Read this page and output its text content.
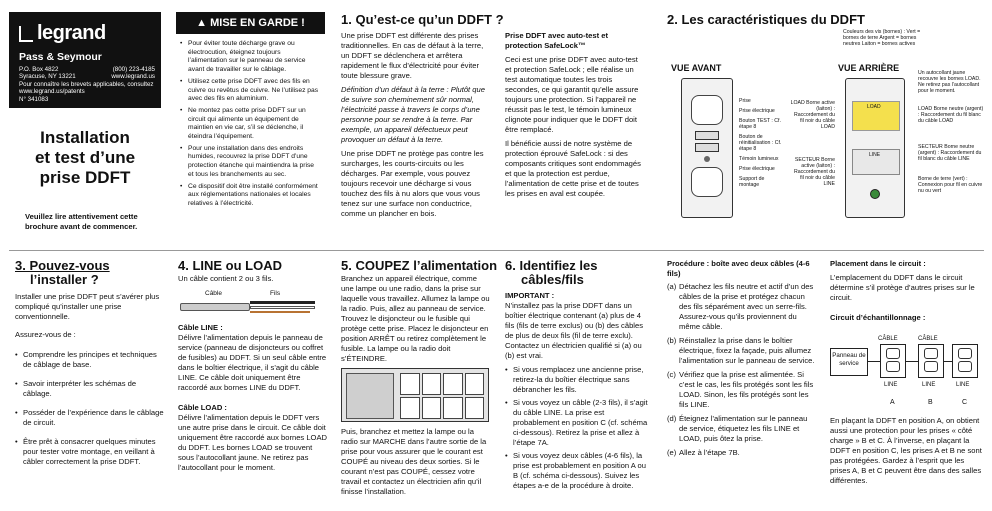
legrand
Pass & Seymour
P.O. Box 4822	(800) 223-4185
Syracuse, NY 13221	www.legrand.us
Pour connaître les brevets applicables, consultez
www.legrand.us/patents
N° 341083
Installation
et test d’une
prise DDFT
Veuillez lire attentivement cette brochure avant de commencer.
▲ MISE EN GARDE !
• Pour éviter toute décharge grave ou électrocution, éteignez toujours l’alimentation sur le panneau de service avant de travailler sur le câblage.
• Utilisez cette prise DDFT avec des fils en cuivre ou revêtus de cuivre. Ne l’utilisez pas avec des fils en aluminium.
• Ne montez pas cette prise DDFT sur un circuit qui alimente un équipement de maintien en vie car, s’il se déclenche, il éteindra l’équipement.
• Pour une installation dans des endroits humides, recouvrez la prise DDFT d’une protection étanche qui maintiendra la prise et tous les branchements au sec.
• Ce dispositif doit être installé conformément aux réglementations nationales et locales relatives à l’électricité.
1. Qu’est-ce qu’un DDFT ?
Une prise DDFT est différente des prises traditionnelles. En cas de défaut à la terre, un DDFT se déclenchera et arrêtera rapidement le flux d’électricité pour éviter toute blessure grave.
Définition d’un défaut à la terre : Plutôt que de suivre son cheminement sûr normal, l’électricité passe à travers le corps d’une personne pour se rendre à la terre. Par exemple, un appareil défectueux peut provoquer un défaut à la terre.
Une prise DDFT ne protège pas contre les surcharges, les courts-circuits ou les décharges. Par exemple, vous pouvez toujours recevoir une décharge si vous touchez des fils à nu alors que vous vous tenez sur une surface non conductrice, comme un plancher en bois.
Prise DDFT avec auto-test et protection SafeLock™
Ceci est une prise DDFT avec auto-test et protection SafeLock ; elle réalise un test automatique toutes les trois secondes, ce qui garantit qu’elle assure toujours une protection. Si l’appareil ne réussit pas le test, le témoin lumineux clignote pour indiquer que le DDFT doit être remplacé.
Il bénéficie aussi de notre système de protection éprouvé SafeLock : si des composants critiques sont endommagés et que la protection est perdue, l’alimentation de cette prise et de toutes les prises en aval est coupée.
2. Les caractéristiques du DDFT
Couleurs des vis (bornes) : Vert = bornes de terre Argent = bornes neutres Laiton = bornes actives
VUE AVANT	VUE ARRIÈRE
Prise
Prise électrique
Bouton TEST : Cf. étape 8
Bouton de réinitialisation : Cf. étape 8
Témoin lumineux
Prise électrique
Support de montage
LOAD Borne active (laiton) : Raccordement du fil noir du câble LOAD
SECTEUR Borne active (laiton) : Raccordement du fil noir du câble LINE
LOAD
LINE
Un autocollant jaune recouvre les bornes LOAD. Ne retirez pas l’autocollant pour le moment.
LOAD Borne neutre (argent) : Raccordement du fil blanc du câble LOAD
SECTEUR Borne neutre (argent) : Raccordement du fil blanc du câble LINE
Borne de terre (vert) : Connexion pour fil en cuivre nu ou vert
3. Pouvez-vous
l’installer ?
Installer une prise DDFT peut s’avérer plus compliqué qu’installer une prise conventionnelle.
Assurez-vous de :
• Comprendre les principes et techniques de câblage de base.
• Savoir interpréter les schémas de câblage.
• Posséder de l’expérience dans le câblage de circuit.
• Être prêt à consacrer quelques minutes pour tester votre montage, en veillant à câbler correctement la prise DDFT.
4. LINE ou LOAD
Un câble contient 2 ou 3 fils.
Câble	Fils
Câble LINE :
Délivre l’alimentation depuis le panneau de service (panneau de disjoncteurs ou coffret de fusibles) au DDFT. Si un seul câble entre dans le boîtier électrique, il s’agit du câble LINE. Ce câble doit uniquement être raccordé aux bornes LINE du DDFT.
Câble LOAD :
Délivre l’alimentation depuis le DDFT vers une autre prise dans le circuit. Ce câble doit uniquement être raccordé aux bornes LOAD du DDFT. Les bornes LOAD se trouvent sous l’autocollant jaune. Ne retirez pas l’autocollant pour le moment.
5. COUPEZ l’alimentation
Branchez un appareil électrique, comme une lampe ou une radio, dans la prise sur laquelle vous travaillez. Allumez la lampe ou la radio. Puis, allez au panneau de service. Trouvez le disjoncteur ou le fusible qui protège cette prise. Placez le disjoncteur en position ARRÊT ou retirez complètement le fusible. La lampe ou la radio doit s’ÉTEINDRE.
Puis, branchez et mettez la lampe ou la radio sur MARCHE dans l’autre sortie de la prise pour vous assurer que le courant est COUPÉ au niveau des deux sorties. Si le courant n’est pas COUPÉ, cessez votre travail et contactez un électricien afin qu’il finisse l’installation.
6. Identifiez les
câbles/fils
IMPORTANT :
N’installez pas la prise DDFT dans un boîtier électrique contenant (a) plus de 4 fils (fils de terre exclus) ou (b) des câbles de plus de deux fils (fil de terre exclu). Contactez un électricien qualifié si (a) ou (b) est vrai.
• Si vous remplacez une ancienne prise, retirez-la du boîtier électrique sans débrancher les fils.
• Si vous voyez un câble (2-3 fils), il s’agit du câble LINE. La prise est probablement en position C (cf. schéma ci-dessous). Retirez la prise et allez à l’étape 7A.
• Si vous voyez deux câbles (4-6 fils), la prise est probablement en position A ou B (cf. schéma ci-dessous). Suivez les étapes a-e de la procédure à droite.
Procédure : boîte avec deux câbles (4-6 fils)
(a) Détachez les fils neutre et actif d’un des câbles de la prise et protégez chacun des fils séparément avec un serre-fils. Assurez-vous qu’ils proviennent du même câble.
(b) Réinstallez la prise dans le boîtier électrique, fixez la façade, puis allumez l’alimentation sur le panneau de service.
(c) Vérifiez que la prise est alimentée. Si c’est le cas, les fils protégés sont les fils LOAD. Sinon, les fils protégés sont les fils LINE.
(d) Éteignez l’alimentation sur le panneau de service, étiquetez les fils LINE et LOAD, puis ôtez la prise.
(e) Allez à l’étape 7B.
Placement dans le circuit :
L’emplacement du DDFT dans le circuit détermine s’il protège d’autres prises sur le circuit.
Circuit d’échantillonnage :
Panneau de service
CÂBLE	CÂBLE
LINE	LINE	LINE
A	B	C
En plaçant la DDFT en position A, on obtient aussi une protection pour les prises « côté charge » B et C. À l’inverse, en plaçant la DDFT en position C, les prises A et B ne sont pas protégées. Gardez à l’esprit que les prises A, B et C peuvent être dans des salles différentes.
